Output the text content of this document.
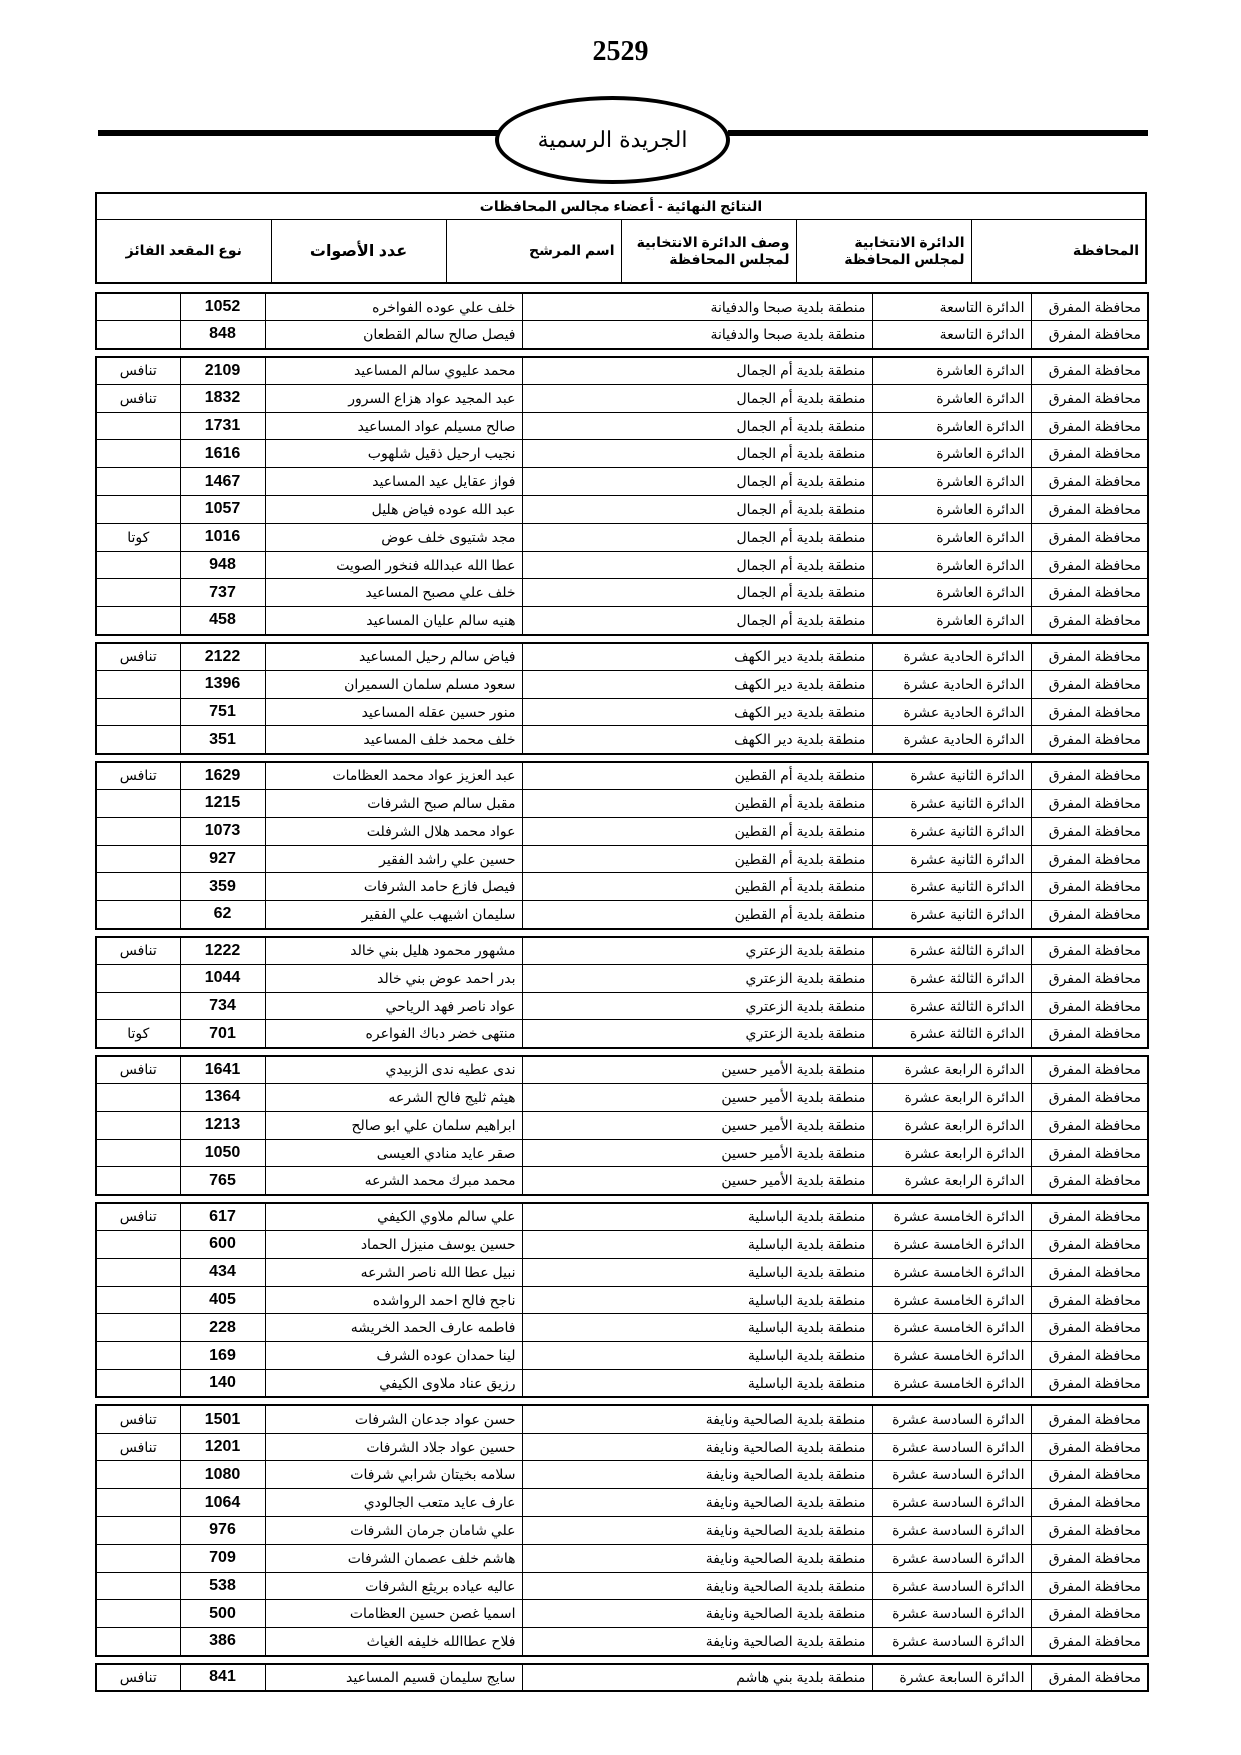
2529
الجريدة الرسمية
النتائج النهائية - أعضاء مجالس المحافظات
المحافظة	الدائرة الانتخابية لمجلس المحافظة	وصف الدائرة الانتخابية لمجلس المحافظة	اسم المرشح	عدد الأصوات	نوع المقعد الفائز
محافظة المفرق	الدائرة التاسعة	منطقة بلدية صبحا والدفيانة	خلف علي عوده الفواخره	1052	
محافظة المفرق	الدائرة التاسعة	منطقة بلدية صبحا والدفيانة	فيصل صالح سالم القطعان	848	
محافظة المفرق	الدائرة العاشرة	منطقة بلدية أم الجمال	محمد عليوي سالم المساعيد	2109	تنافس
محافظة المفرق	الدائرة العاشرة	منطقة بلدية أم الجمال	عبد المجيد عواد هزاع السرور	1832	تنافس
محافظة المفرق	الدائرة العاشرة	منطقة بلدية أم الجمال	صالح مسيلم عواد المساعيد	1731	
محافظة المفرق	الدائرة العاشرة	منطقة بلدية أم الجمال	نجيب ارحيل ذقيل شلهوب	1616	
محافظة المفرق	الدائرة العاشرة	منطقة بلدية أم الجمال	فواز عقايل عيد المساعيد	1467	
محافظة المفرق	الدائرة العاشرة	منطقة بلدية أم الجمال	عبد الله عوده فياض هليل	1057	
محافظة المفرق	الدائرة العاشرة	منطقة بلدية أم الجمال	مجد شتيوى خلف عوض	1016	كوتا
محافظة المفرق	الدائرة العاشرة	منطقة بلدية أم الجمال	عطا الله عبدالله فنخور الصويت	948	
محافظة المفرق	الدائرة العاشرة	منطقة بلدية أم الجمال	خلف علي مصبح المساعيد	737	
محافظة المفرق	الدائرة العاشرة	منطقة بلدية أم الجمال	هنيه سالم عليان المساعيد	458	
محافظة المفرق	الدائرة الحادية عشرة	منطقة بلدية دير الكهف	فياض سالم رحيل المساعيد	2122	تنافس
محافظة المفرق	الدائرة الحادية عشرة	منطقة بلدية دير الكهف	سعود مسلم سلمان السميران	1396	
محافظة المفرق	الدائرة الحادية عشرة	منطقة بلدية دير الكهف	منور حسين عقله المساعيد	751	
محافظة المفرق	الدائرة الحادية عشرة	منطقة بلدية دير الكهف	خلف محمد خلف المساعيد	351	
محافظة المفرق	الدائرة الثانية عشرة	منطقة بلدية أم القطين	عبد العزيز عواد محمد العظامات	1629	تنافس
محافظة المفرق	الدائرة الثانية عشرة	منطقة بلدية أم القطين	مقبل سالم صبح الشرفات	1215	
محافظة المفرق	الدائرة الثانية عشرة	منطقة بلدية أم القطين	عواد محمد هلال الشرفلت	1073	
محافظة المفرق	الدائرة الثانية عشرة	منطقة بلدية أم القطين	حسين علي راشد الفقير	927	
محافظة المفرق	الدائرة الثانية عشرة	منطقة بلدية أم القطين	فيصل فازع حامد الشرفات	359	
محافظة المفرق	الدائرة الثانية عشرة	منطقة بلدية أم القطين	سليمان اشيهب علي الفقير	62	
محافظة المفرق	الدائرة الثالثة عشرة	منطقة بلدية الزعتري	مشهور محمود هليل بني خالد	1222	تنافس
محافظة المفرق	الدائرة الثالثة عشرة	منطقة بلدية الزعتري	بدر احمد عوض بني خالد	1044	
محافظة المفرق	الدائرة الثالثة عشرة	منطقة بلدية الزعتري	عواد ناصر فهد الرياحي	734	
محافظة المفرق	الدائرة الثالثة عشرة	منطقة بلدية الزعتري	منتهى خضر دباك الفواعره	701	كوتا
محافظة المفرق	الدائرة الرابعة عشرة	منطقة بلدية الأمير حسين	ندى عطيه ندى الزبيدي	1641	تنافس
محافظة المفرق	الدائرة الرابعة عشرة	منطقة بلدية الأمير حسين	هيثم ثليج فالح الشرعه	1364	
محافظة المفرق	الدائرة الرابعة عشرة	منطقة بلدية الأمير حسين	ابراهيم سلمان علي ابو صالح	1213	
محافظة المفرق	الدائرة الرابعة عشرة	منطقة بلدية الأمير حسين	صقر عايد منادي العيسى	1050	
محافظة المفرق	الدائرة الرابعة عشرة	منطقة بلدية الأمير حسين	محمد مبرك محمد الشرعه	765	
محافظة المفرق	الدائرة الخامسة عشرة	منطقة بلدية الباسلية	علي سالم ملاوي الكيفي	617	تنافس
محافظة المفرق	الدائرة الخامسة عشرة	منطقة بلدية الباسلية	حسين يوسف منيزل الحماد	600	
محافظة المفرق	الدائرة الخامسة عشرة	منطقة بلدية الباسلية	نبيل عطا الله ناصر الشرعه	434	
محافظة المفرق	الدائرة الخامسة عشرة	منطقة بلدية الباسلية	ناجح فالح احمد الرواشده	405	
محافظة المفرق	الدائرة الخامسة عشرة	منطقة بلدية الباسلية	فاطمه عارف الحمد الخريشه	228	
محافظة المفرق	الدائرة الخامسة عشرة	منطقة بلدية الباسلية	لينا حمدان عوده الشرف	169	
محافظة المفرق	الدائرة الخامسة عشرة	منطقة بلدية الباسلية	رزيق عناد ملاوى الكيفي	140	
محافظة المفرق	الدائرة السادسة عشرة	منطقة بلدية الصالحية ونايفة	حسن عواد جدعان الشرفات	1501	تنافس
محافظة المفرق	الدائرة السادسة عشرة	منطقة بلدية الصالحية ونايفة	حسين عواد جلاد الشرفات	1201	تنافس
محافظة المفرق	الدائرة السادسة عشرة	منطقة بلدية الصالحية ونايفة	سلامه بخيتان شرابي شرفات	1080	
محافظة المفرق	الدائرة السادسة عشرة	منطقة بلدية الصالحية ونايفة	عارف عايد متعب الجالودي	1064	
محافظة المفرق	الدائرة السادسة عشرة	منطقة بلدية الصالحية ونايفة	علي شامان جرمان الشرفات	976	
محافظة المفرق	الدائرة السادسة عشرة	منطقة بلدية الصالحية ونايفة	هاشم خلف عصمان الشرفات	709	
محافظة المفرق	الدائرة السادسة عشرة	منطقة بلدية الصالحية ونايفة	عاليه عياده بريثع الشرفات	538	
محافظة المفرق	الدائرة السادسة عشرة	منطقة بلدية الصالحية ونايفة	اسميا غصن حسين العظامات	500	
محافظة المفرق	الدائرة السادسة عشرة	منطقة بلدية الصالحية ونايفة	فلاح عطاالله خليفه الغياث	386	
محافظة المفرق	الدائرة السابعة عشرة	منطقة بلدية بني هاشم	سايج سليمان قسيم المساعيد	841	تنافس
